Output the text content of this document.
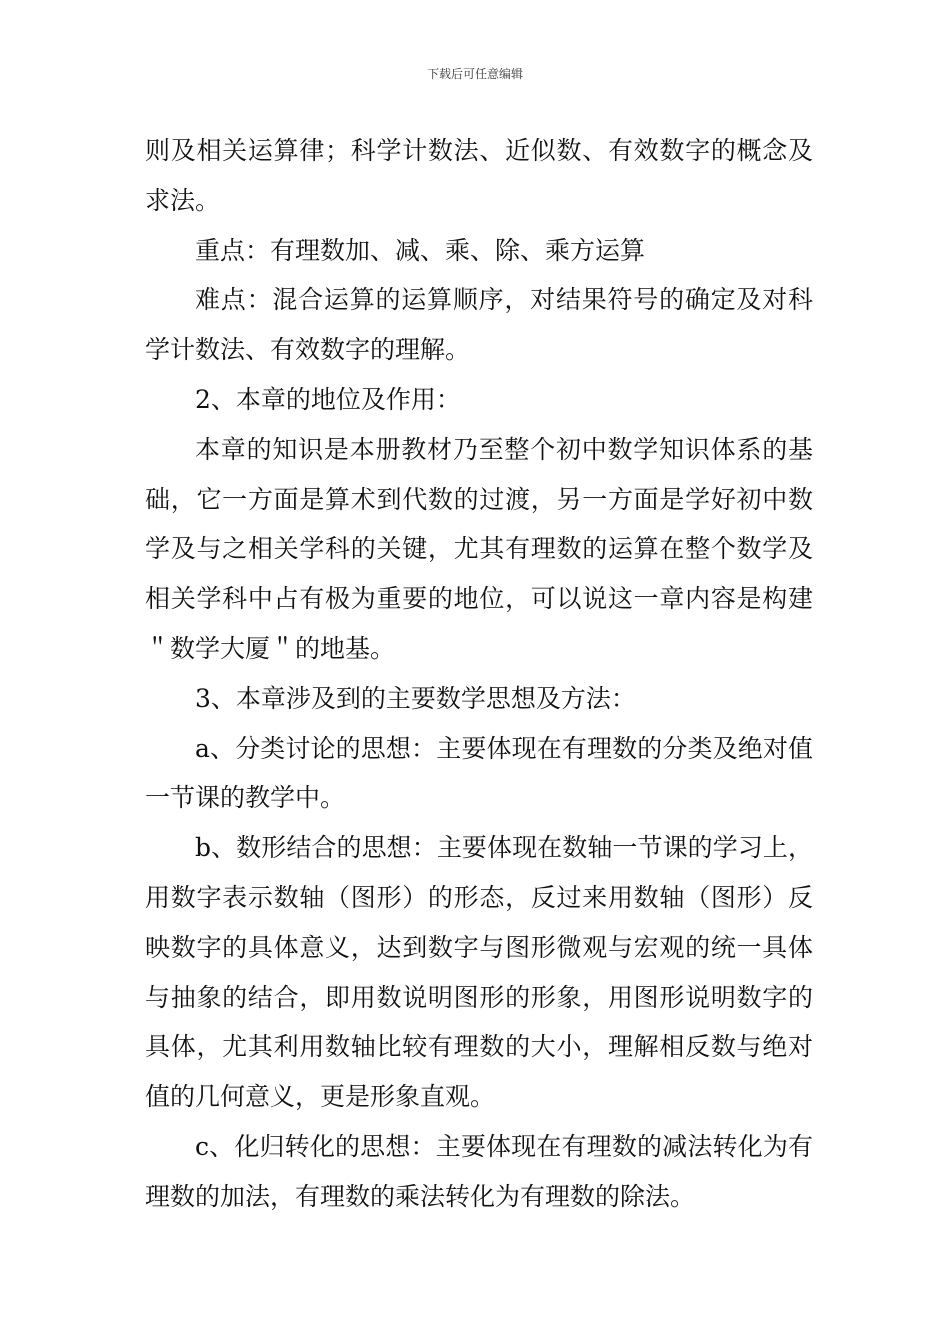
下载后可任意编辑

则及相关运算律；科学计数法、近似数、有效数字的概念及求法。

重点：有理数加、减、乘、除、乘方运算

难点：混合运算的运算顺序，对结果符号的确定及对科学计数法、有效数字的理解。

2、本章的地位及作用：

本章的知识是本册教材乃至整个初中数学知识体系的基础，它一方面是算术到代数的过渡，另一方面是学好初中数学及与之相关学科的关键，尤其有理数的运算在整个数学及相关学科中占有极为重要的地位，可以说这一章内容是构建＂数学大厦＂的地基。

3、本章涉及到的主要数学思想及方法：

a、分类讨论的思想：主要体现在有理数的分类及绝对值一节课的教学中。

b、数形结合的思想：主要体现在数轴一节课的学习上，用数字表示数轴（图形）的形态，反过来用数轴（图形）反映数字的具体意义，达到数字与图形微观与宏观的统一具体与抽象的结合，即用数说明图形的形象，用图形说明数字的具体，尤其利用数轴比较有理数的大小，理解相反数与绝对值的几何意义，更是形象直观。

c、化归转化的思想：主要体现在有理数的减法转化为有理数的加法，有理数的乘法转化为有理数的除法。
